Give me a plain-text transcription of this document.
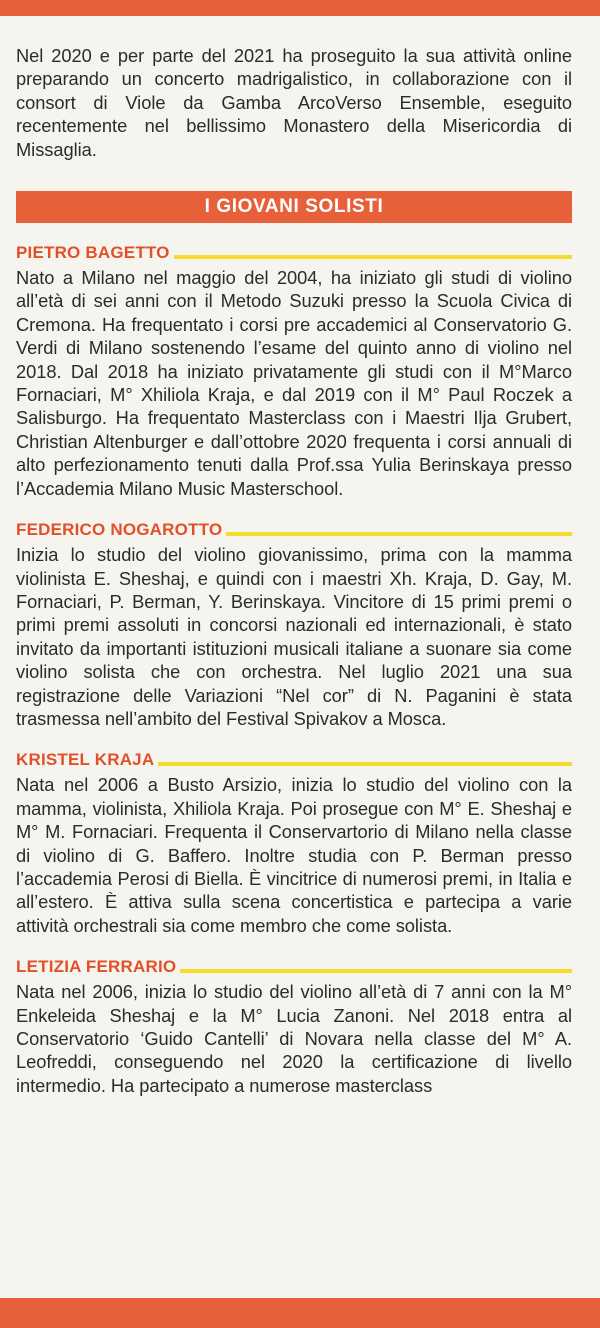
Nel 2020 e per parte del 2021 ha proseguito la sua attività online preparando un concerto madrigalistico, in collaborazione con il consort di Viole da Gamba ArcoVerso Ensemble, eseguito recentemente nel bellissimo Monastero della Misericordia di Missaglia.

I GIOVANI SOLISTI
PIETRO BAGETTO

Nato a Milano nel maggio del 2004, ha iniziato gli studi di violino all’età di sei anni con il Metodo Suzuki presso la Scuola Civica di Cremona. Ha frequentato i corsi pre accademici al Conservatorio G. Verdi di Milano sostenendo l’esame del quinto anno di violino nel 2018. Dal 2018 ha iniziato privatamente gli studi con il M°Marco Fornaciari, M° Xhiliola Kraja, e dal 2019 con il M° Paul Roczek a Salisburgo. Ha frequentato Masterclass con i Maestri Ilja Grubert, Christian Altenburger e dall’ottobre 2020 frequenta i corsi annuali di alto perfezionamento tenuti dalla Prof.ssa Yulia Berinskaya presso l’Accademia Milano Music Masterschool.

FEDERICO NOGAROTTO

Inizia lo studio del violino giovanissimo, prima con la mamma violinista E. Sheshaj, e quindi con i maestri Xh. Kraja, D. Gay, M. Fornaciari, P. Berman, Y. Berinskaya. Vincitore di 15 primi premi o primi premi assoluti in concorsi nazionali ed internazionali, è stato invitato da importanti istituzioni musicali italiane a suonare sia come violino solista che con orchestra. Nel luglio 2021 una sua registrazione delle Variazioni “Nel cor” di N. Paganini è stata trasmessa nell’ambito del Festival Spivakov a Mosca.

KRISTEL KRAJA

Nata nel 2006 a Busto Arsizio, inizia lo studio del violino con la mamma, violinista, Xhiliola Kraja. Poi prosegue con M° E. Sheshaj e M° M. Fornaciari. Frequenta il Conservartorio di Milano nella classe di violino di G. Baffero. Inoltre studia con P. Berman presso l’accademia Perosi di Biella. È vincitrice di numerosi premi, in Italia e all’estero. È attiva sulla scena concertistica e partecipa a varie attività orchestrali sia come membro che come solista.

LETIZIA FERRARIO

Nata nel 2006, inizia lo studio del violino all’età di 7 anni con la M° Enkeleida Sheshaj e la M° Lucia Zanoni. Nel 2018 entra al Conservatorio ‘Guido Cantelli’ di Novara nella classe del M° A. Leofreddi, conseguendo nel 2020 la certificazione di livello intermedio. Ha partecipato a numerose masterclass
